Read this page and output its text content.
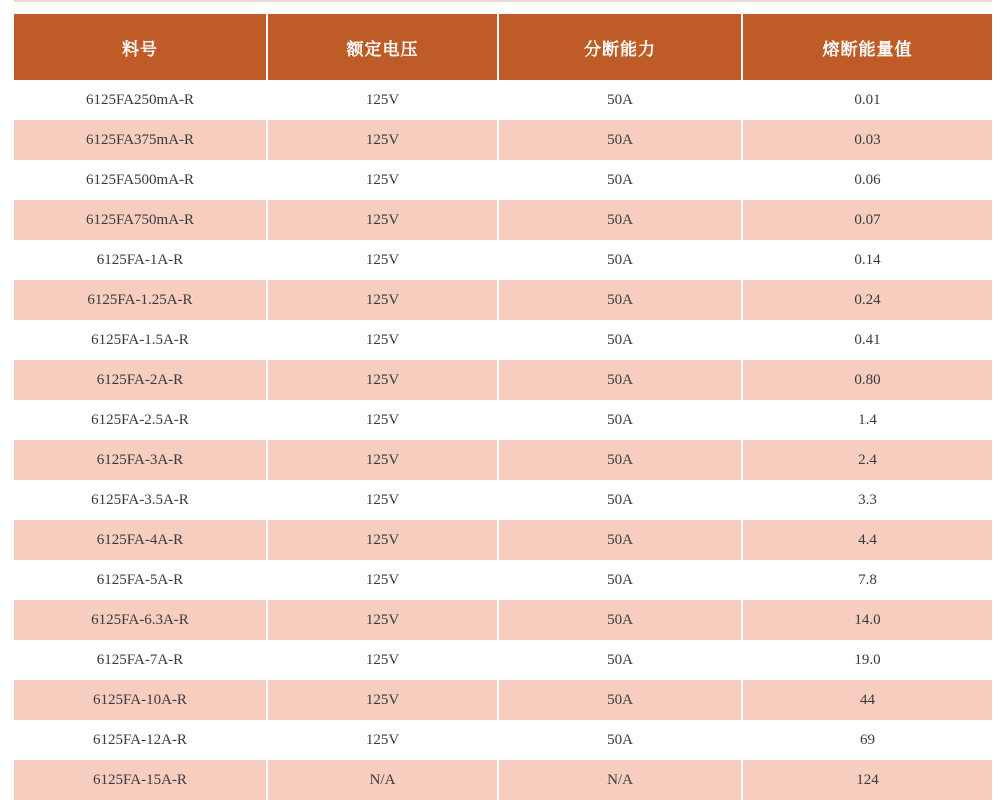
料号	额定电压	分断能力	熔断能量值
6125FA250mA-R	125V	50A	0.01
6125FA375mA-R	125V	50A	0.03
6125FA500mA-R	125V	50A	0.06
6125FA750mA-R	125V	50A	0.07
6125FA-1A-R	125V	50A	0.14
6125FA-1.25A-R	125V	50A	0.24
6125FA-1.5A-R	125V	50A	0.41
6125FA-2A-R	125V	50A	0.80
6125FA-2.5A-R	125V	50A	1.4
6125FA-3A-R	125V	50A	2.4
6125FA-3.5A-R	125V	50A	3.3
6125FA-4A-R	125V	50A	4.4
6125FA-5A-R	125V	50A	7.8
6125FA-6.3A-R	125V	50A	14.0
6125FA-7A-R	125V	50A	19.0
6125FA-10A-R	125V	50A	44
6125FA-12A-R	125V	50A	69
6125FA-15A-R	N/A	N/A	124
